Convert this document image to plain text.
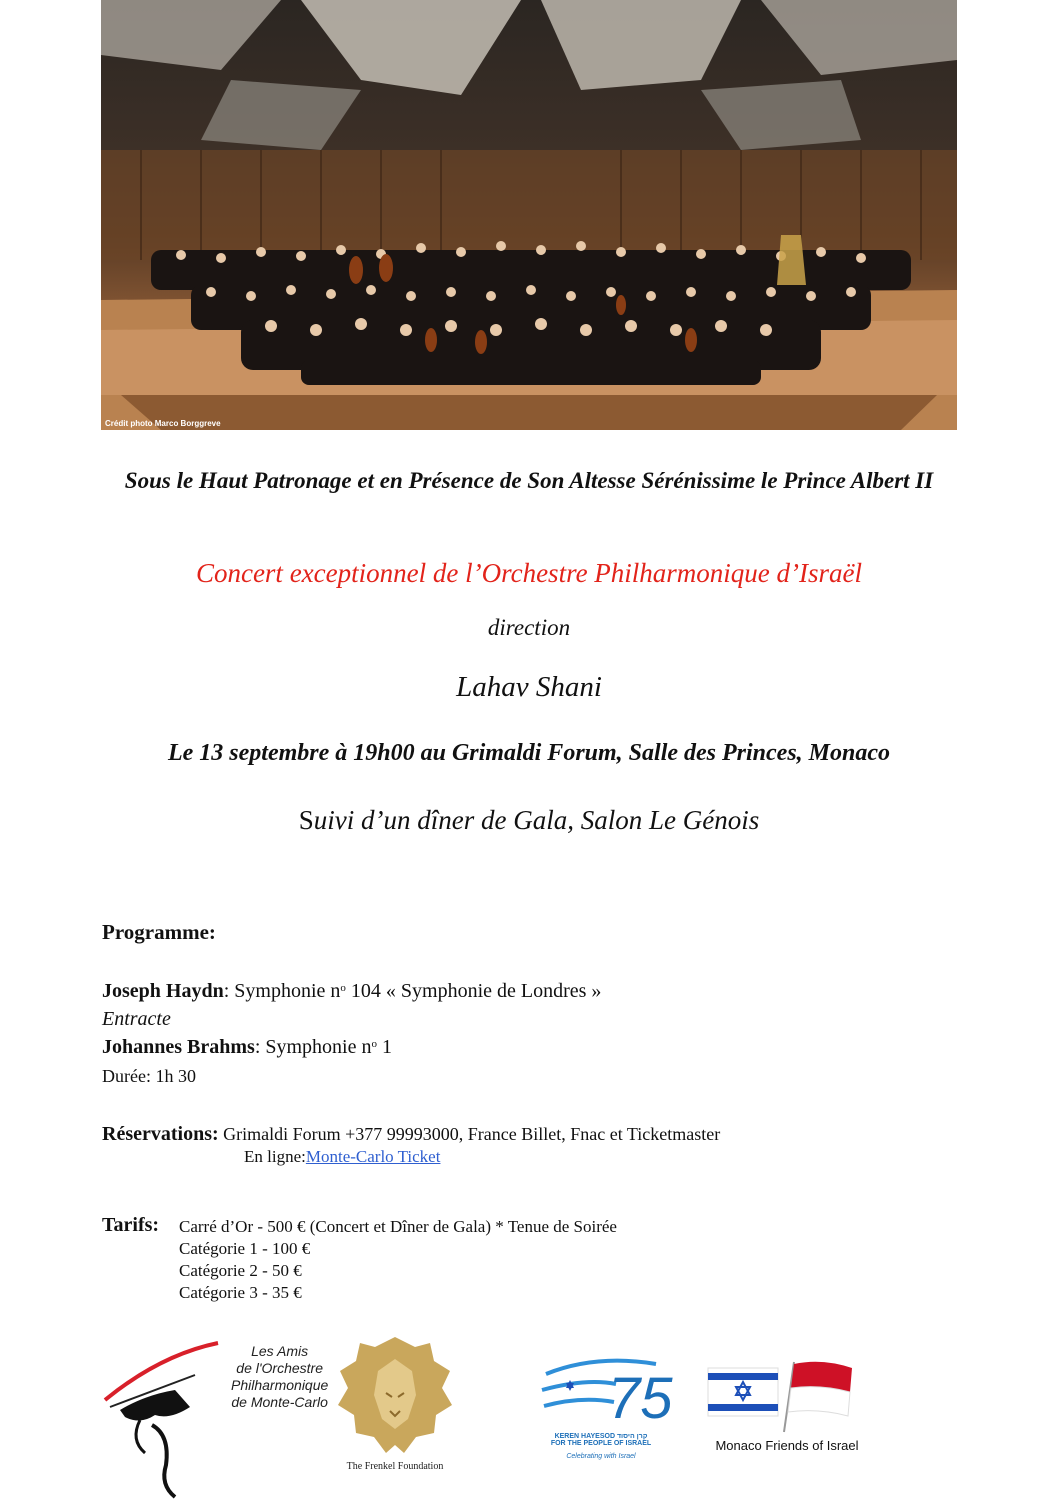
Crédit photo Marco Borggreve
Sous le Haut Patronage et en Présence de Son Altesse Sérénissime le Prince Albert II
Concert exceptionnel de l’Orchestre Philharmonique d’Israël
direction
Lahav Shani
Le 13 septembre à 19h00 au Grimaldi Forum, Salle des Princes, Monaco
Suivi d’un dîner de Gala, Salon Le Génois
Programme:
Joseph Haydn: Symphonie $n^o$ 104 « Symphonie de Londres »
Entracte
Johannes Brahms: Symphonie $n^o$ 1
Durée: 1h 30
Réservations: Grimaldi Forum +377 99993000, France Billet, Fnac et Ticketmaster
En ligne:Monte-Carlo Ticket
Tarifs: Carré d’Or - 500 € (Concert et Dîner de Gala) * Tenue de Soirée
Catégorie 1 - 100 €
Catégorie 2 - 50 €
Catégorie 3 - 35 €
Les Amis
de l'Orchestre
Philharmonique
de Monte-Carlo
The Frenkel Foundation
75
KEREN HAYESOD קרן היסוד
FOR THE PEOPLE OF ISRAEL
Celebrating with Israel
Monaco Friends of Israel
